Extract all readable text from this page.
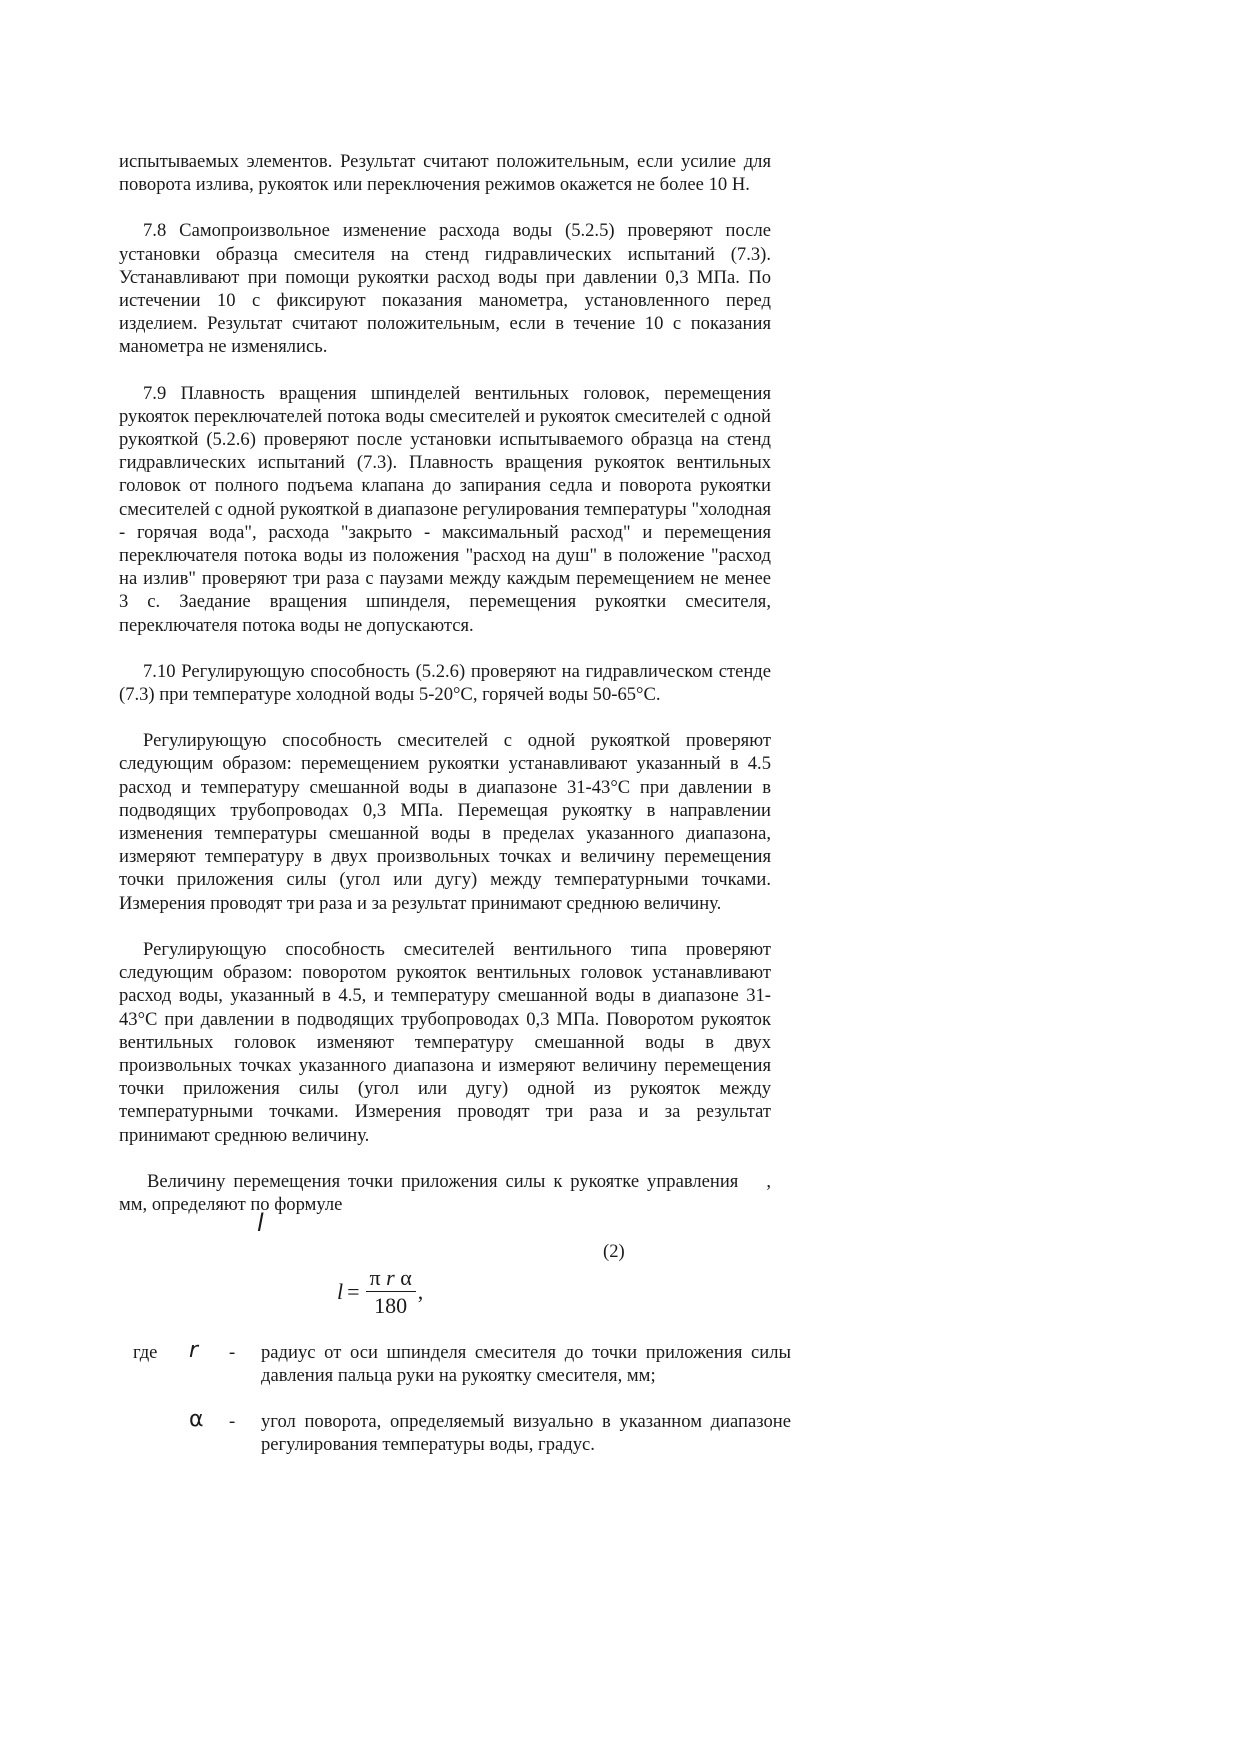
испытываемых элементов. Результат считают положительным, если усилие для поворота излива, рукояток или переключения режимов окажется не более 10 Н.

7.8 Самопроизвольное изменение расхода воды (5.2.5) проверяют после установки образца смесителя на стенд гидравлических испытаний (7.3). Устанавливают при помощи рукоятки расход воды при давлении 0,3 МПа. По истечении 10 с фиксируют показания манометра, установленного перед изделием. Результат считают положительным, если в течение 10 с показания манометра не изменялись.

7.9 Плавность вращения шпинделей вентильных головок, перемещения рукояток переключателей потока воды смесителей и рукояток смесителей с одной рукояткой (5.2.6) проверяют после установки испытываемого образца на стенд гидравлических испытаний (7.3). Плавность вращения рукояток вентильных головок от полного подъема клапана до запирания седла и поворота рукоятки смесителей с одной рукояткой в диапазоне регулирования температуры "холодная - горячая вода", расхода "закрыто - максимальный расход" и перемещения переключателя потока воды из положения "расход на душ" в положение "расход на излив" проверяют три раза с паузами между каждым перемещением не менее 3 с. Заедание вращения шпинделя, перемещения рукоятки смесителя, переключателя потока воды не допускаются.

7.10 Регулирующую способность (5.2.6) проверяют на гидравлическом стенде (7.3) при температуре холодной воды 5-20°С, горячей воды 50-65°С.

Регулирующую способность смесителей с одной рукояткой проверяют следующим образом: перемещением рукоятки устанавливают указанный в 4.5 расход и температуру смешанной воды в диапазоне 31-43°С при давлении в подводящих трубопроводах 0,3 МПа. Перемещая рукоятку в направлении изменения температуры смешанной воды в пределах указанного диапазона, измеряют температуру в двух произвольных точках и величину перемещения точки приложения силы (угол или дугу) между температурными точками. Измерения проводят три раза и за результат принимают среднюю величину.

Регулирующую способность смесителей вентильного типа проверяют следующим образом: поворотом рукояток вентильных головок устанавливают расход воды, указанный в 4.5, и температуру смешанной воды в диапазоне 31-43°С при давлении в подводящих трубопроводах 0,3 МПа. Поворотом рукояток вентильных головок изменяют температуру смешанной воды в двух произвольных точках указанного диапазона и измеряют величину перемещения точки приложения силы (угол или дугу) одной из рукояток между температурными точками. Измерения проводят три раза и за результат принимают среднюю величину.

Величину перемещения точки приложения силы к рукоятке управления , мм, определяют по формуле
l

(2)
$l = \frac{\text{π r α}}{180}$ ,
где	r	-	радиус от оси шпинделя смесителя до точки приложения силы давления пальца руки на рукоятку смесителя, мм;
α	-	угол поворота, определяемый визуально в указанном диапазоне регулирования температуры воды, градус.
